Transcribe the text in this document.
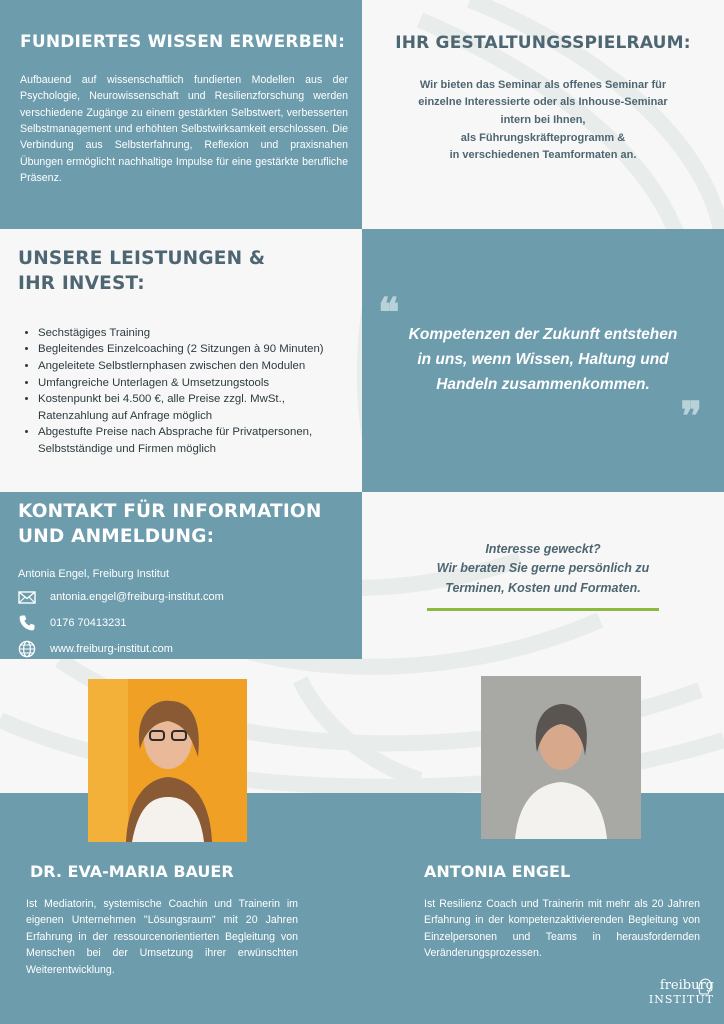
FUNDIERTES WISSEN ERWERBEN:

Aufbauend auf wissenschaftlich fundierten Modellen aus der Psychologie, Neurowissenschaft und Resilienzforschung werden verschiedene Zugänge zu einem gestärkten Selbstwert, verbesserten Selbstmanagement und erhöhten Selbstwirksamkeit erschlossen. Die Verbindung aus Selbsterfahrung, Reflexion und praxisnahen Übungen ermöglicht nachhaltige Impulse für eine gestärkte berufliche Präsenz.

IHR GESTALTUNGSSPIELRAUM:
Wir bieten das Seminar als offenes Seminar für
einzelne Interessierte oder als Inhouse-Seminar
intern bei Ihnen,
als Führungskräfteprogramm &
in verschiedenen Teamformaten an.
UNSERE LEISTUNGEN &
IHR INVEST:
• Sechstägiges Training
• Begleitendes Einzelcoaching (2 Sitzungen à 90 Minuten)
• Angeleitete Selbstlernphasen zwischen den Modulen
• Umfangreiche Unterlagen & Umsetzungstools
• Kostenpunkt bei 4.500 €, alle Preise zzgl. MwSt., Ratenzahlung auf Anfrage möglich
• Abgestufte Preise nach Absprache für Privatpersonen, Selbstständige und Firmen möglich
❝ Kompetenzen der Zukunft entstehen
in uns, wenn Wissen, Haltung und
Handeln zusammenkommen.
❞
KONTAKT FÜR INFORMATION
UND ANMELDUNG:
Antonia Engel, Freiburg Institut
antonia.engel@freiburg-institut.com
0176 70413231
www.freiburg-institut.com
Interesse geweckt?
Wir beraten Sie gerne persönlich zu
Terminen, Kosten und Formaten.
DR. EVA-MARIA BAUER
Ist Mediatorin, systemische Coachin und Trainerin im eigenen Unternehmen "Lösungsraum" mit 20 Jahren Erfahrung in der ressourcenorientierten Begleitung von Menschen bei der Umsetzung ihrer erwünschten Weiterentwicklung.
ANTONIA ENGEL
Ist Resilienz Coach und Trainerin mit mehr als 20 Jahren Erfahrung in der kompetenzaktivierenden Begleitung von Einzelpersonen und Teams in herausfordernden Veränderungsprozessen.
freiburg
INSTITUT
